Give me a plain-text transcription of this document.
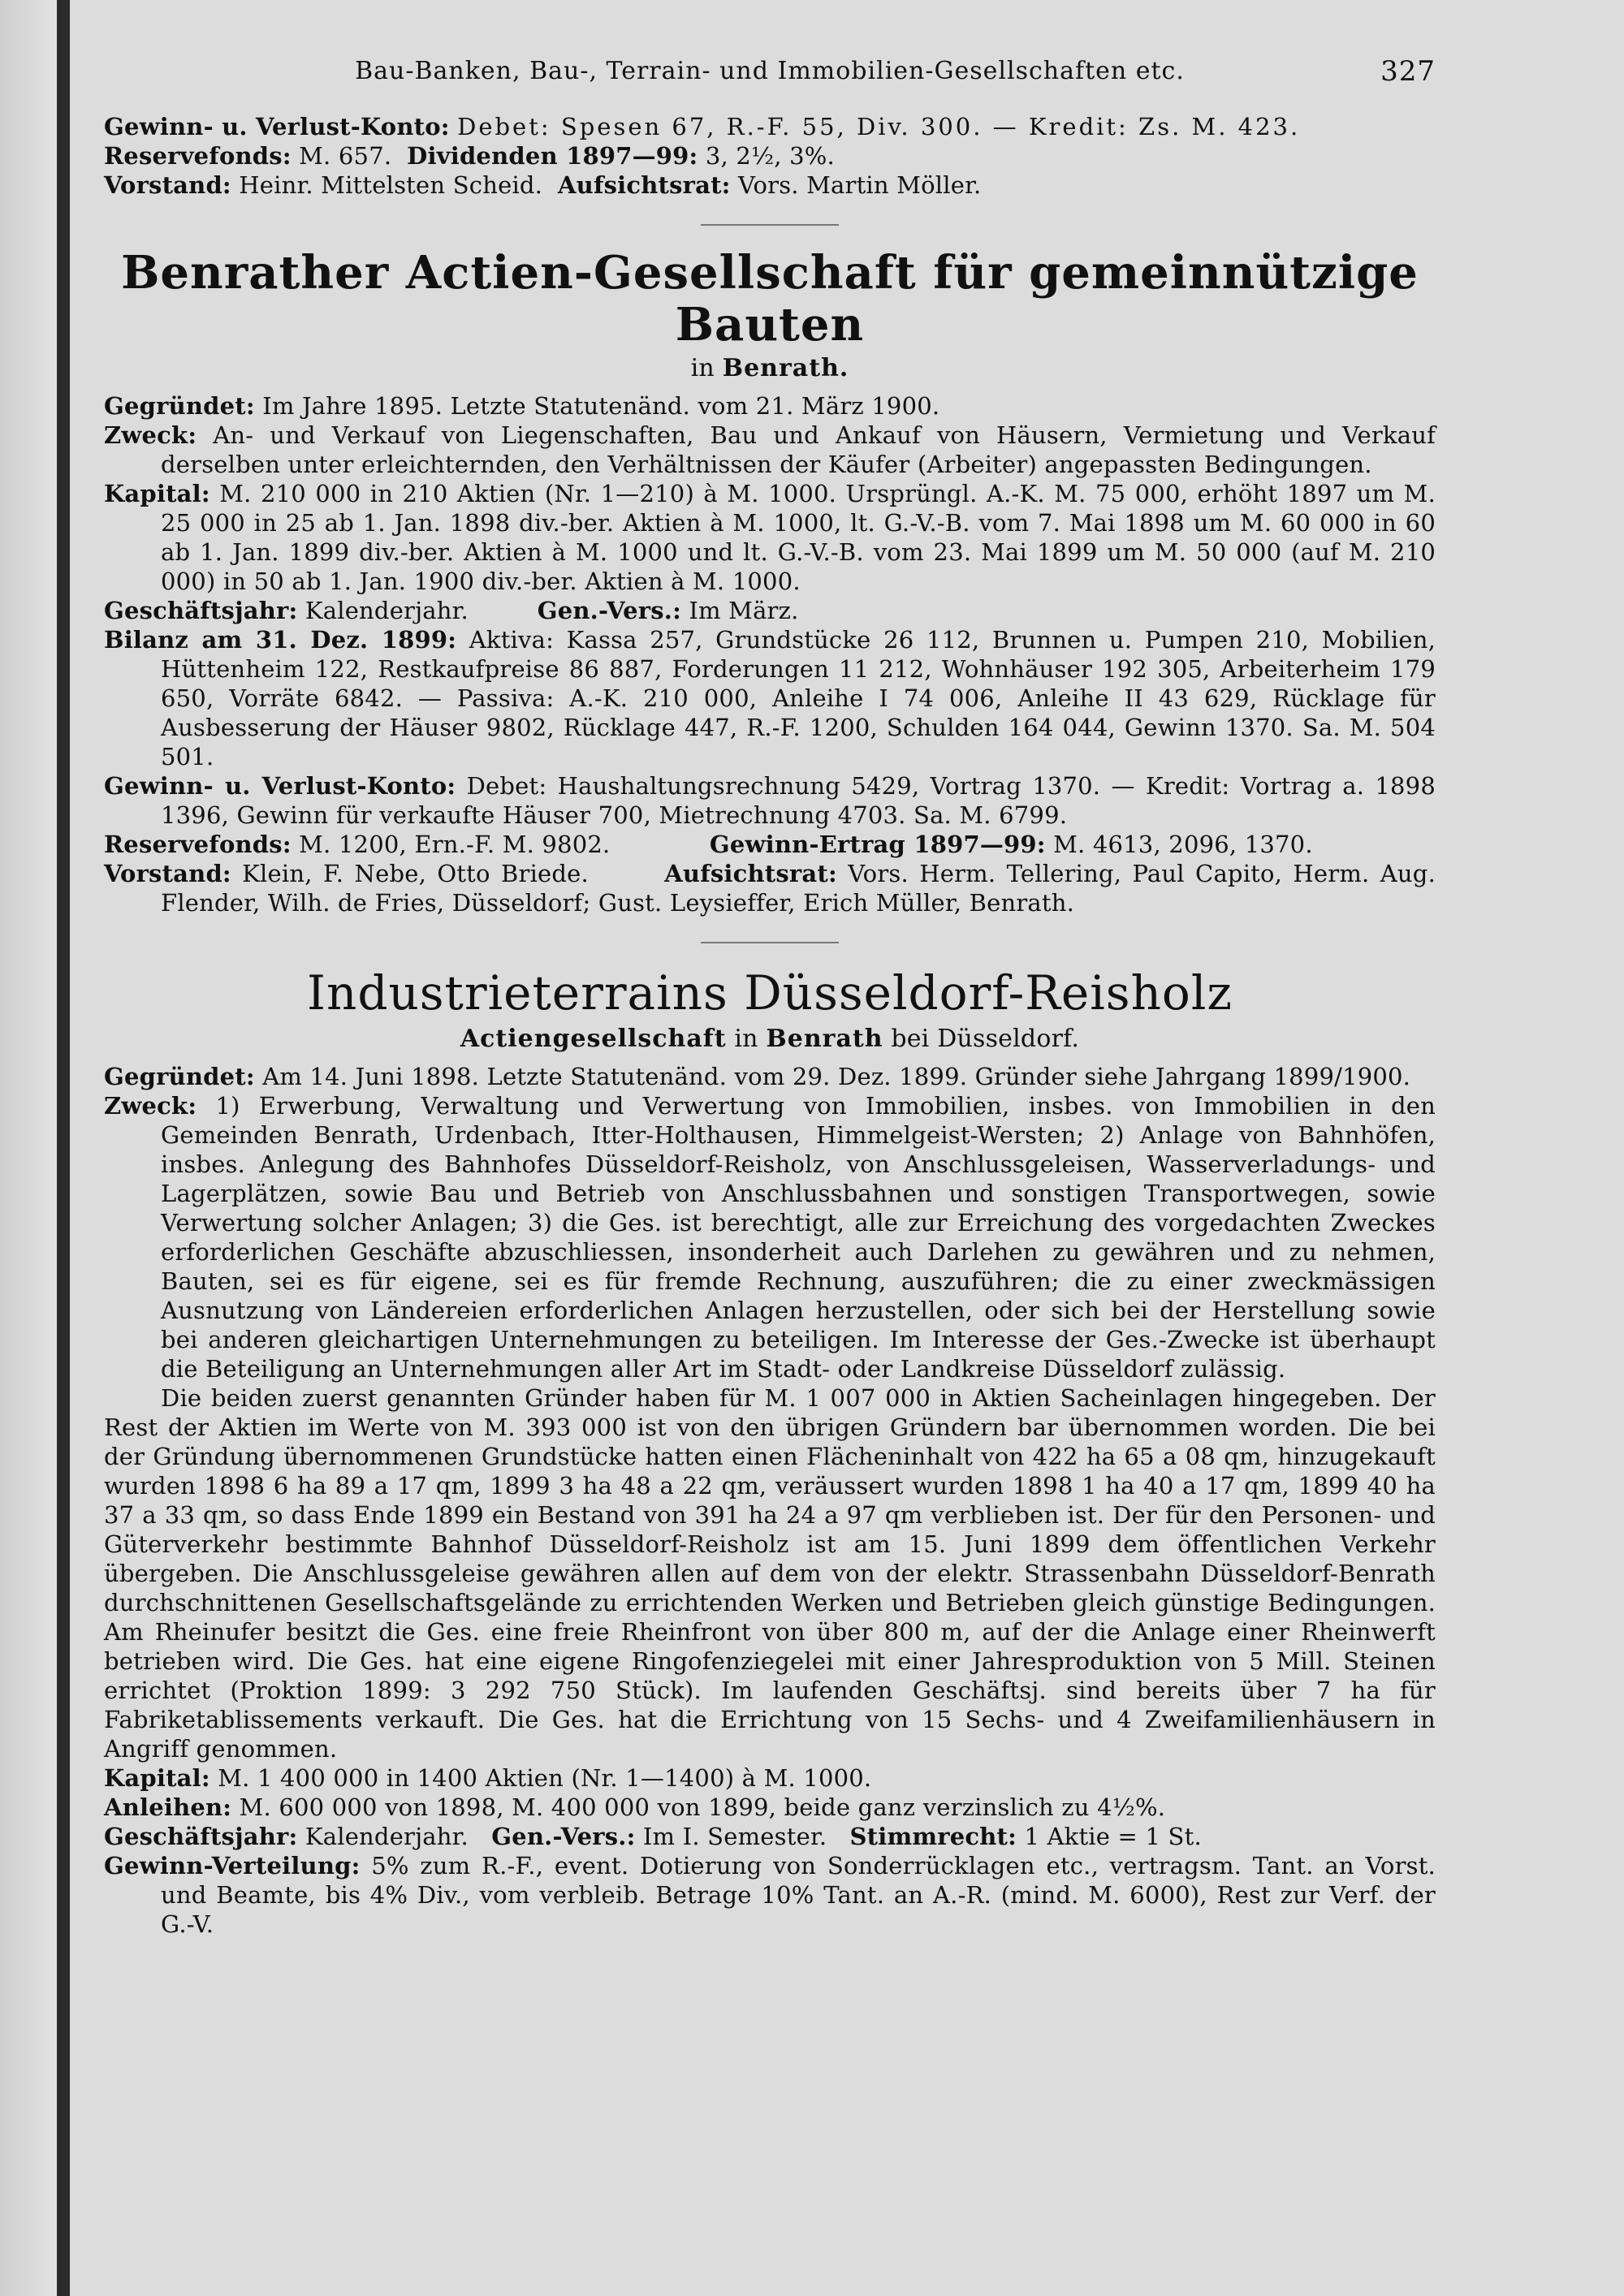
Bau-Banken, Bau-, Terrain- und Immobilien-Gesellschaften etc.	327

Gewinn- u. Verlust-Konto: Debet: Spesen 67, R.-F. 55, Div. 300. — Kredit: Zs. M. 423.

Reservefonds: M. 657. Dividenden 1897—99: 3, 2½, 3%.

Vorstand: Heinr. Mittelsten Scheid. Aufsichtsrat: Vors. Martin Möller.

Benrather Actien-Gesellschaft für gemeinnützige Bauten
in Benrath.

Gegründet: Im Jahre 1895. Letzte Statutenänd. vom 21. März 1900.

Zweck: An- und Verkauf von Liegenschaften, Bau und Ankauf von Häusern, Vermietung und Verkauf derselben unter erleichternden, den Verhältnissen der Käufer (Arbeiter) angepassten Bedingungen.

Kapital: M. 210 000 in 210 Aktien (Nr. 1—210) à M. 1000. Ursprüngl. A.-K. M. 75 000, erhöht 1897 um M. 25 000 in 25 ab 1. Jan. 1898 div.-ber. Aktien à M. 1000, lt. G.-V.-B. vom 7. Mai 1898 um M. 60 000 in 60 ab 1. Jan. 1899 div.-ber. Aktien à M. 1000 und lt. G.-V.-B. vom 23. Mai 1899 um M. 50 000 (auf M. 210 000) in 50 ab 1. Jan. 1900 div.-ber. Aktien à M. 1000.

Geschäftsjahr: Kalenderjahr.	Gen.-Vers.: Im März.

Bilanz am 31. Dez. 1899: Aktiva: Kassa 257, Grundstücke 26 112, Brunnen u. Pumpen 210, Mobilien, Hüttenheim 122, Restkaufpreise 86 887, Forderungen 11 212, Wohnhäuser 192 305, Arbeiterheim 179 650, Vorräte 6842. — Passiva: A.-K. 210 000, Anleihe I 74 006, Anleihe II 43 629, Rücklage für Ausbesserung der Häuser 9802, Rücklage 447, R.-F. 1200, Schulden 164 044, Gewinn 1370. Sa. M. 504 501.

Gewinn- u. Verlust-Konto: Debet: Haushaltungsrechnung 5429, Vortrag 1370. — Kredit: Vortrag a. 1898 1396, Gewinn für verkaufte Häuser 700, Mietrechnung 4703. Sa. M. 6799.

Reservefonds: M. 1200, Ern.-F. M. 9802.	Gewinn-Ertrag 1897—99: M. 4613, 2096, 1370.

Vorstand: Klein, F. Nebe, Otto Briede.	Aufsichtsrat: Vors. Herm. Tellering, Paul Capito, Herm. Aug. Flender, Wilh. de Fries, Düsseldorf; Gust. Leysieffer, Erich Müller, Benrath.

Industrieterrains Düsseldorf-Reisholz
Actiengesellschaft in Benrath bei Düsseldorf.

Gegründet: Am 14. Juni 1898. Letzte Statutenänd. vom 29. Dez. 1899. Gründer siehe Jahrgang 1899/1900.

Zweck: 1) Erwerbung, Verwaltung und Verwertung von Immobilien, insbes. von Immobilien in den Gemeinden Benrath, Urdenbach, Itter-Holthausen, Himmelgeist-Wersten; 2) Anlage von Bahnhöfen, insbes. Anlegung des Bahnhofes Düsseldorf-Reisholz, von Anschlussgeleisen, Wasserverladungs- und Lagerplätzen, sowie Bau und Betrieb von Anschlussbahnen und sonstigen Transportwegen, sowie Verwertung solcher Anlagen; 3) die Ges. ist berechtigt, alle zur Erreichung des vorgedachten Zweckes erforderlichen Geschäfte abzuschliessen, insonderheit auch Darlehen zu gewähren und zu nehmen, Bauten, sei es für eigene, sei es für fremde Rechnung, auszuführen; die zu einer zweckmässigen Ausnutzung von Ländereien erforderlichen Anlagen herzustellen, oder sich bei der Herstellung sowie bei anderen gleichartigen Unternehmungen zu beteiligen. Im Interesse der Ges.-Zwecke ist überhaupt die Beteiligung an Unternehmungen aller Art im Stadt- oder Landkreise Düsseldorf zulässig.

Die beiden zuerst genannten Gründer haben für M. 1 007 000 in Aktien Sacheinlagen hingegeben. Der Rest der Aktien im Werte von M. 393 000 ist von den übrigen Gründern bar übernommen worden. Die bei der Gründung übernommenen Grundstücke hatten einen Flächeninhalt von 422 ha 65 a 08 qm, hinzugekauft wurden 1898 6 ha 89 a 17 qm, 1899 3 ha 48 a 22 qm, veräussert wurden 1898 1 ha 40 a 17 qm, 1899 40 ha 37 a 33 qm, so dass Ende 1899 ein Bestand von 391 ha 24 a 97 qm verblieben ist. Der für den Personen- und Güterverkehr bestimmte Bahnhof Düsseldorf-Reisholz ist am 15. Juni 1899 dem öffentlichen Verkehr übergeben. Die Anschlussgeleise gewähren allen auf dem von der elektr. Strassenbahn Düsseldorf-Benrath durchschnittenen Gesellschaftsgelände zu errichtenden Werken und Betrieben gleich günstige Bedingungen. Am Rheinufer besitzt die Ges. eine freie Rheinfront von über 800 m, auf der die Anlage einer Rheinwerft betrieben wird. Die Ges. hat eine eigene Ringofenziegelei mit einer Jahresproduktion von 5 Mill. Steinen errichtet (Proktion 1899: 3 292 750 Stück). Im laufenden Geschäftsj. sind bereits über 7 ha für Fabriketablissements verkauft. Die Ges. hat die Errichtung von 15 Sechs- und 4 Zweifamilienhäusern in Angriff genommen.

Kapital: M. 1 400 000 in 1400 Aktien (Nr. 1—1400) à M. 1000.

Anleihen: M. 600 000 von 1898, M. 400 000 von 1899, beide ganz verzinslich zu 4½%.

Geschäftsjahr: Kalenderjahr. Gen.-Vers.: Im I. Semester. Stimmrecht: 1 Aktie = 1 St.

Gewinn-Verteilung: 5% zum R.-F., event. Dotierung von Sonderrücklagen etc., vertragsm. Tant. an Vorst. und Beamte, bis 4% Div., vom verbleib. Betrage 10% Tant. an A.-R. (mind. M. 6000), Rest zur Verf. der G.-V.
